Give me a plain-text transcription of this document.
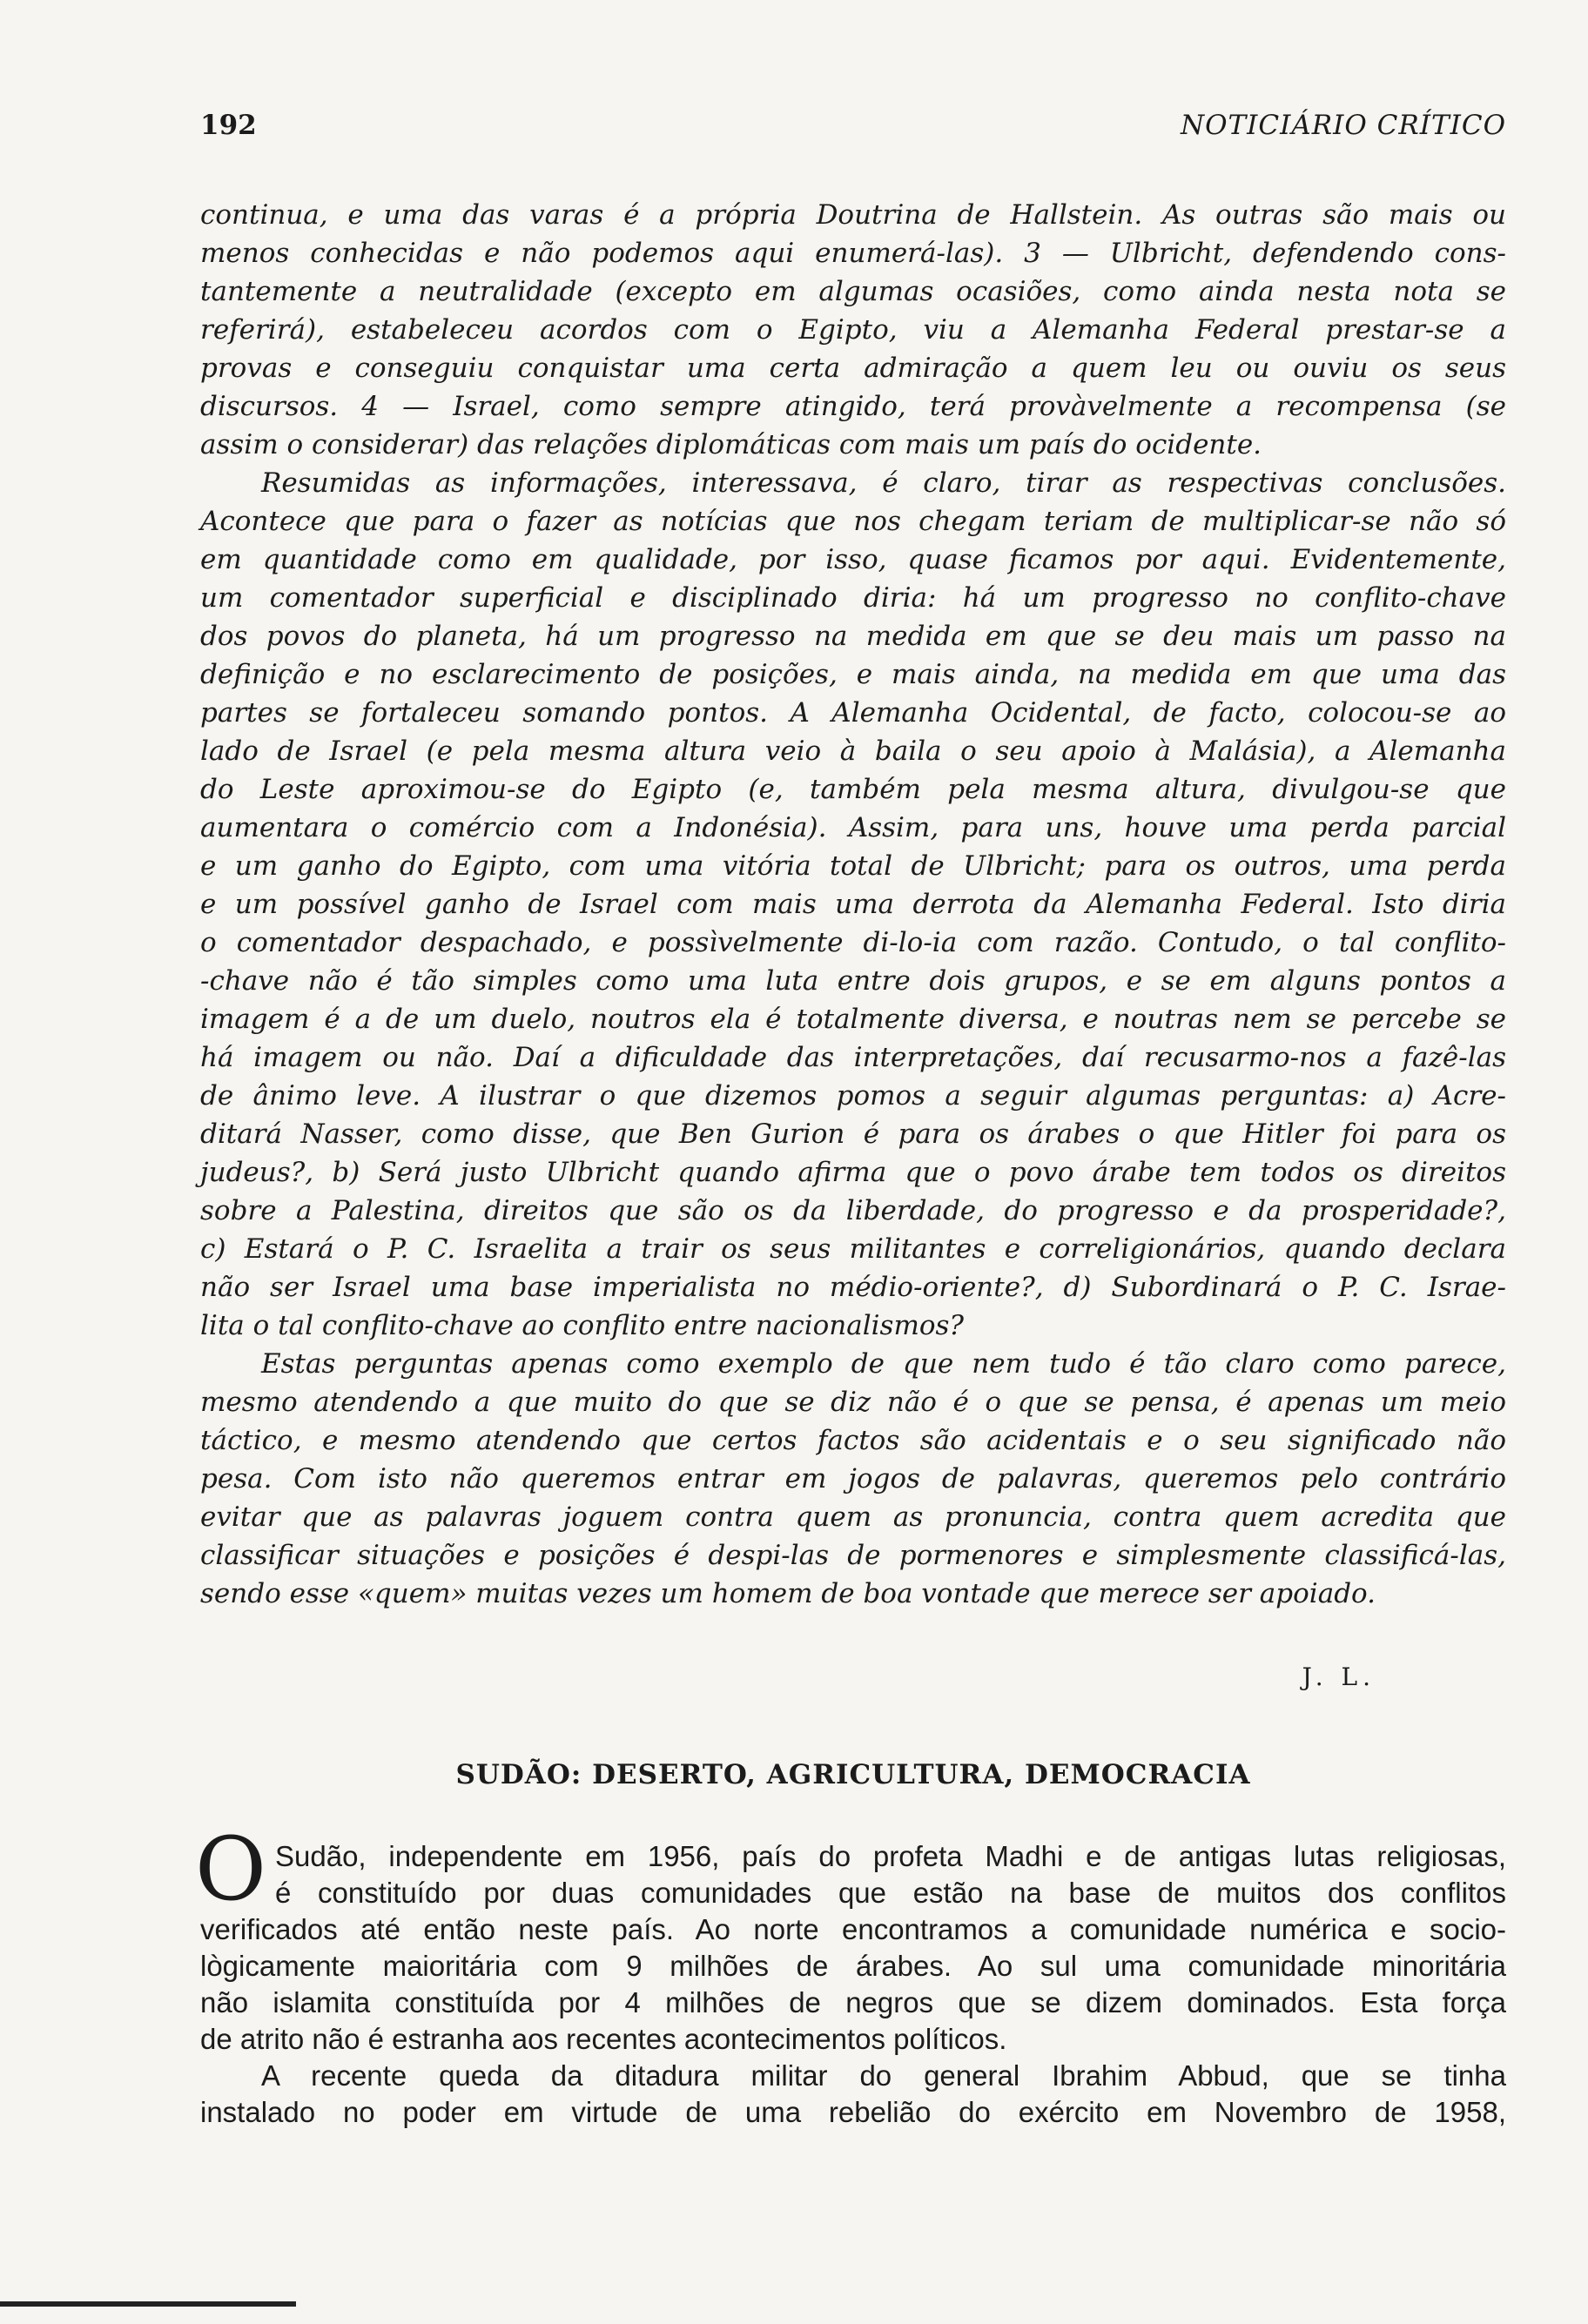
192	NOTICIÁRIO CRÍTICO
continua, e uma das varas é a própria Doutrina de Hallstein. As outras são mais ou
menos conhecidas e não podemos aqui enumerá-las). 3 — Ulbricht, defendendo cons-
tantemente a neutralidade (excepto em algumas ocasiões, como ainda nesta nota se
referirá), estabeleceu acordos com o Egipto, viu a Alemanha Federal prestar-se a
provas e conseguiu conquistar uma certa admiração a quem leu ou ouviu os seus
discursos. 4 — Israel, como sempre atingido, terá provàvelmente a recompensa (se
assim o considerar) das relações diplomáticas com mais um país do ocidente.
Resumidas as informações, interessava, é claro, tirar as respectivas conclusões.
Acontece que para o fazer as notícias que nos chegam teriam de multiplicar-se não só
em quantidade como em qualidade, por isso, quase ficamos por aqui. Evidentemente,
um comentador superficial e disciplinado diria: há um progresso no conflito-chave
dos povos do planeta, há um progresso na medida em que se deu mais um passo na
definição e no esclarecimento de posições, e mais ainda, na medida em que uma das
partes se fortaleceu somando pontos. A Alemanha Ocidental, de facto, colocou-se ao
lado de Israel (e pela mesma altura veio à baila o seu apoio à Malásia), a Alemanha
do Leste aproximou-se do Egipto (e, também pela mesma altura, divulgou-se que
aumentara o comércio com a Indonésia). Assim, para uns, houve uma perda parcial
e um ganho do Egipto, com uma vitória total de Ulbricht; para os outros, uma perda
e um possível ganho de Israel com mais uma derrota da Alemanha Federal. Isto diria
o comentador despachado, e possìvelmente di-lo-ia com razão. Contudo, o tal conflito-
-chave não é tão simples como uma luta entre dois grupos, e se em alguns pontos a
imagem é a de um duelo, noutros ela é totalmente diversa, e noutras nem se percebe se
há imagem ou não. Daí a dificuldade das interpretações, daí recusarmo-nos a fazê-las
de ânimo leve. A ilustrar o que dizemos pomos a seguir algumas perguntas: a) Acre-
ditará Nasser, como disse, que Ben Gurion é para os árabes o que Hitler foi para os
judeus?, b) Será justo Ulbricht quando afirma que o povo árabe tem todos os direitos
sobre a Palestina, direitos que são os da liberdade, do progresso e da prosperidade?,
c) Estará o P. C. Israelita a trair os seus militantes e correligionários, quando declara
não ser Israel uma base imperialista no médio-oriente?, d) Subordinará o P. C. Israe-
lita o tal conflito-chave ao conflito entre nacionalismos?
Estas perguntas apenas como exemplo de que nem tudo é tão claro como parece,
mesmo atendendo a que muito do que se diz não é o que se pensa, é apenas um meio
táctico, e mesmo atendendo que certos factos são acidentais e o seu significado não
pesa. Com isto não queremos entrar em jogos de palavras, queremos pelo contrário
evitar que as palavras joguem contra quem as pronuncia, contra quem acredita que
classificar situações e posições é despi-las de pormenores e simplesmente classificá-las,
sendo esse «quem» muitas vezes um homem de boa vontade que merece ser apoiado.
J. L.
SUDÃO: DESERTO, AGRICULTURA, DEMOCRACIA
O Sudão, independente em 1956, país do profeta Madhi e de antigas lutas religiosas,
é constituído por duas comunidades que estão na base de muitos dos conflitos
verificados até então neste país. Ao norte encontramos a comunidade numérica e socio-
lògicamente maioritária com 9 milhões de árabes. Ao sul uma comunidade minoritária
não islamita constituída por 4 milhões de negros que se dizem dominados. Esta força
de atrito não é estranha aos recentes acontecimentos políticos.
A recente queda da ditadura militar do general Ibrahim Abbud, que se tinha
instalado no poder em virtude de uma rebelião do exército em Novembro de 1958,
